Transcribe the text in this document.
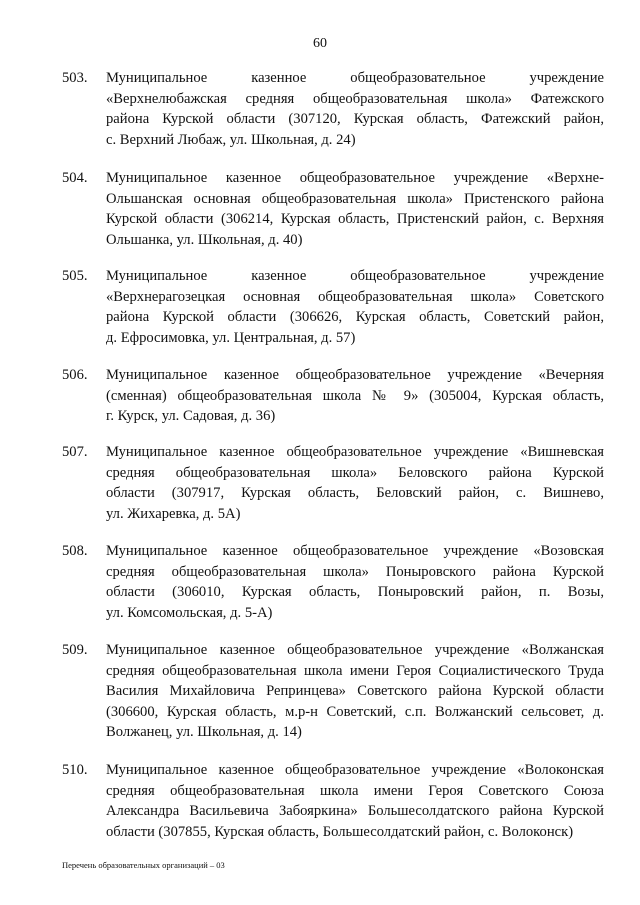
60
503.	Муниципальное казенное общеобразовательное учреждение
«Верхнелюбажская средняя общеобразовательная школа» Фатежского
района Курской области (307120, Курская область, Фатежский район,
с. Верхний Любаж, ул. Школьная, д. 24)
504.	Муниципальное казенное общеобразовательное учреждение «Верхне-
Ольшанская основная общеобразовательная школа» Пристенского района
Курской области (306214, Курская область, Пристенский район, с. Верхняя
Ольшанка, ул. Школьная, д. 40)
505.	Муниципальное казенное общеобразовательное учреждение
«Верхнерагозецкая основная общеобразовательная школа» Советского
района Курской области (306626, Курская область, Советский район,
д. Ефросимовка, ул. Центральная, д. 57)
506.	Муниципальное казенное общеобразовательное учреждение «Вечерняя
(сменная) общеобразовательная школа № 9» (305004, Курская область,
г. Курск, ул. Садовая, д. 36)
507.	Муниципальное казенное общеобразовательное учреждение «Вишневская
средняя общеобразовательная школа» Беловского района Курской
области (307917, Курская область, Беловский район, с. Вишнево,
ул. Жихаревка, д. 5А)
508.	Муниципальное казенное общеобразовательное учреждение «Возовская
средняя общеобразовательная школа» Поныровского района Курской
области (306010, Курская область, Поныровский район, п. Возы,
ул. Комсомольская, д. 5-А)
509.	Муниципальное казенное общеобразовательное учреждение «Волжанская
средняя общеобразовательная школа имени Героя Социалистического Труда
Василия Михайловича Репринцева» Советского района Курской области
(306600, Курская область, м.р-н Советский, с.п. Волжанский сельсовет, д.
Волжанец, ул. Школьная, д. 14)
510.	Муниципальное казенное общеобразовательное учреждение «Волоконская
средняя общеобразовательная школа имени Героя Советского Союза
Александра Васильевича Забояркина» Большесолдатского района Курской
области (307855, Курская область, Большесолдатский район, с. Волоконск)
Перечень образовательных организаций – 03
